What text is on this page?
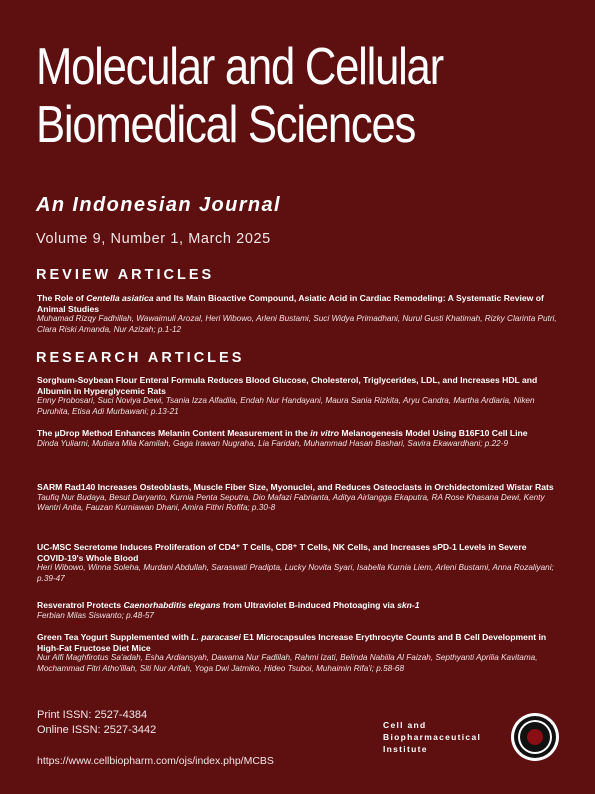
Molecular and Cellular
Biomedical Sciences
An Indonesian Journal
Volume 9, Number 1, March 2025
REVIEW ARTICLES
The Role of Centella asiatica and Its Main Bioactive Compound, Asiatic Acid in Cardiac Remodeling: A Systematic Review of Animal Studies
Muhamad Rizqy Fadhillah, Wawaimuli Arozal, Heri Wibowo, Arleni Bustami, Suci Widya Primadhani, Nurul Gusti Khatimah, Rizky Clarinta Putri, Clara Riski Amanda, Nur Azizah; p.1-12
RESEARCH ARTICLES
Sorghum-Soybean Flour Enteral Formula Reduces Blood Glucose, Cholesterol, Triglycerides, LDL, and Increases HDL and Albumin in Hyperglycemic Rats
Enny Probosari, Suci Noviya Dewi, Tsania Izza Alfadila, Endah Nur Handayani, Maura Sania Rizkita, Aryu Candra, Martha Ardiaria, Niken Puruhita, Etisa Adi Murbawani; p.13-21
The µDrop Method Enhances Melanin Content Measurement in the in vitro Melanogenesis Model Using B16F10 Cell Line
Dinda Yuliarni, Mutiara Mila Kamilah, Gaga Irawan Nugraha, Lia Faridah, Muhammad Hasan Bashari, Savira Ekawardhani; p.22-9
SARM Rad140 Increases Osteoblasts, Muscle Fiber Size, Myonuclei, and Reduces Osteoclasts in Orchidectomized Wistar Rats
Taufiq Nur Budaya, Besut Daryanto, Kurnia Penta Seputra, Dio Mafazi Fabrianta, Aditya Airlangga Ekaputra, RA Rose Khasana Dewi, Kenty Wantri Anita, Fauzan Kurniawan Dhani, Amira Fithri Rofifa; p.30-8
UC-MSC Secretome Induces Proliferation of CD4⁺ T Cells, CD8⁺ T Cells, NK Cells, and Increases sPD-1 Levels in Severe COVID-19's Whole Blood
Heri Wibowo, Winna Soleha, Murdani Abdullah, Saraswati Pradipta, Lucky Novita Syari, Isabella Kurnia Liem, Arleni Bustami, Anna Rozaliyani; p.39-47
Resveratrol Protects Caenorhabditis elegans from Ultraviolet B-induced Photoaging via skn-1
Ferbian Milas Siswanto; p.48-57
Green Tea Yogurt Supplemented with L. paracasei E1 Microcapsules Increase Erythrocyte Counts and B Cell Development in High-Fat Fructose Diet Mice
Nur Alfi Maghfirotus Sa'adah, Esha Ardiansyah, Dawama Nur Fadlilah, Rahmi Izati, Belinda Nabiila Al Faizah, Septhyanti Aprilia Kavitama, Mochammad Fitri Atho'illah, Siti Nur Arifah, Yoga Dwi Jatmiko, Hideo Tsuboi, Muhaimin Rifa'i; p.58-68
Print ISSN: 2527-4384
Online ISSN: 2527-3442
https://www.cellbiopharm.com/ojs/index.php/MCBS
Cell and
Biopharmaceutical
Institute
